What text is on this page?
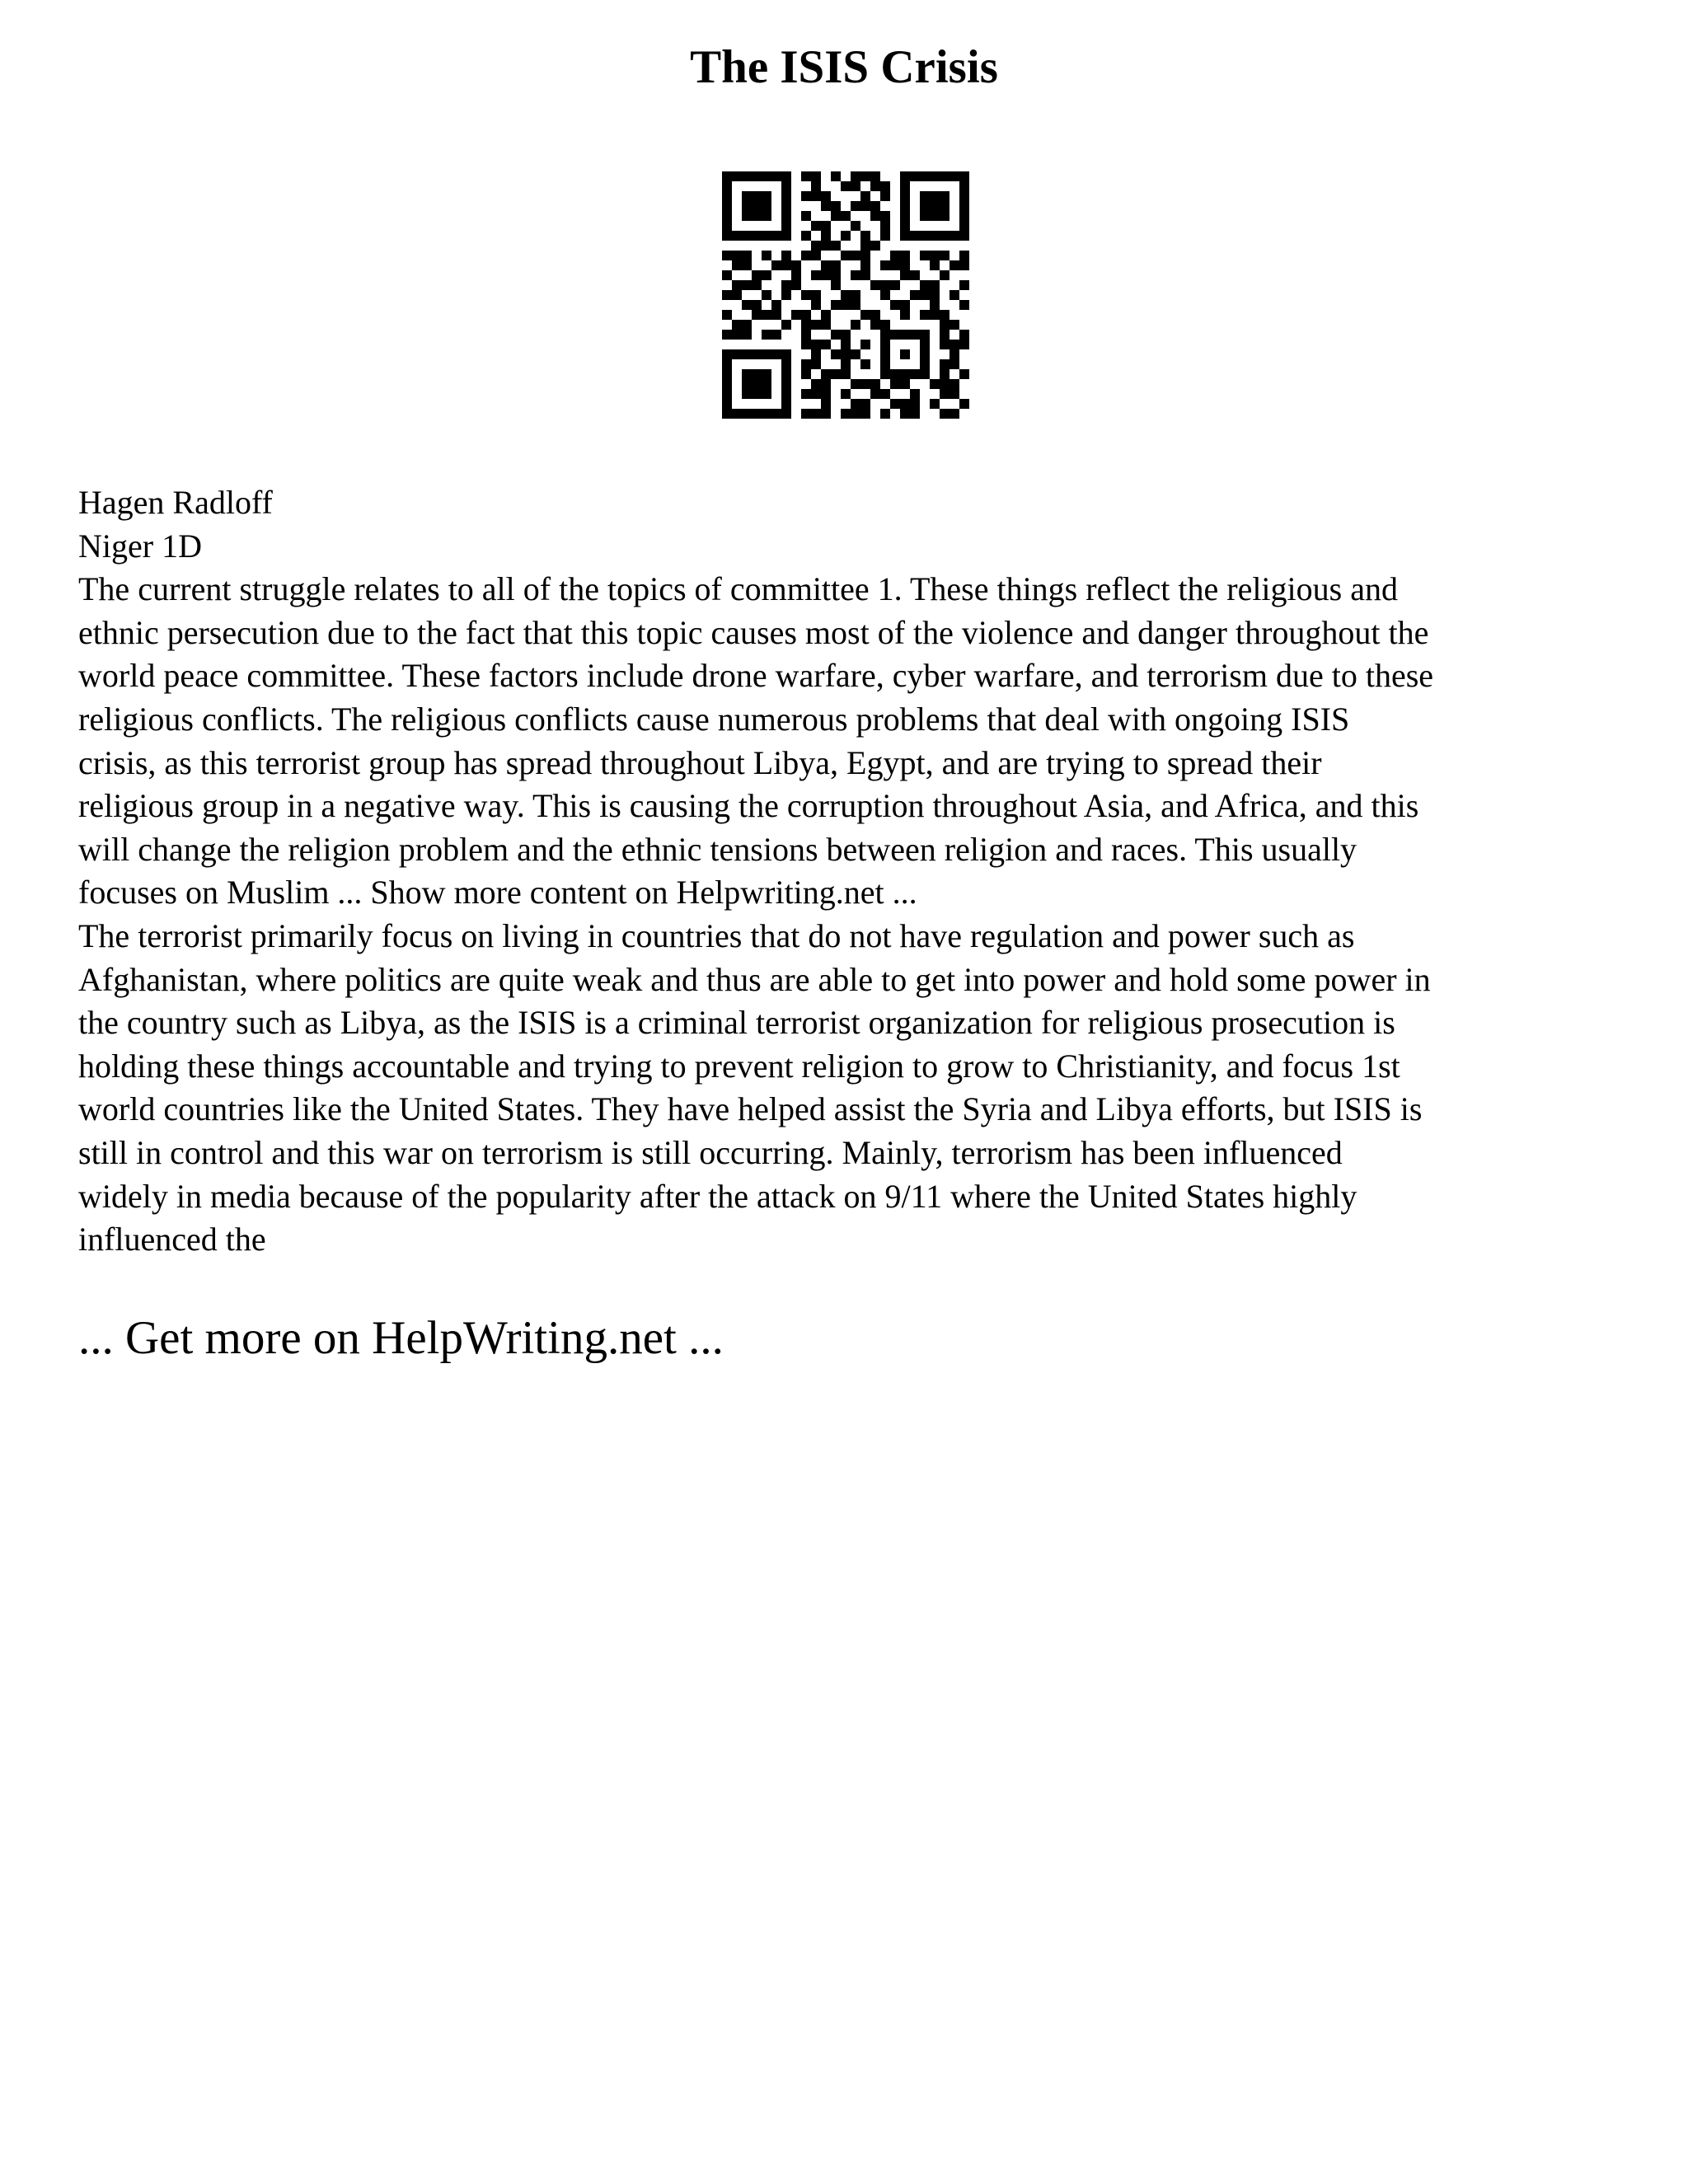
The ISIS Crisis
Hagen Radloff
Niger 1D
The current struggle relates to all of the topics of committee 1. These things reflect the religious and
ethnic persecution due to the fact that this topic causes most of the violence and danger throughout the
world peace committee. These factors include drone warfare, cyber warfare, and terrorism due to these
religious conflicts. The religious conflicts cause numerous problems that deal with ongoing ISIS
crisis, as this terrorist group has spread throughout Libya, Egypt, and are trying to spread their
religious group in a negative way. This is causing the corruption throughout Asia, and Africa, and this
will change the religion problem and the ethnic tensions between religion and races. This usually
focuses on Muslim ... Show more content on Helpwriting.net ...
The terrorist primarily focus on living in countries that do not have regulation and power such as
Afghanistan, where politics are quite weak and thus are able to get into power and hold some power in
the country such as Libya, as the ISIS is a criminal terrorist organization for religious prosecution is
holding these things accountable and trying to prevent religion to grow to Christianity, and focus 1st
world countries like the United States. They have helped assist the Syria and Libya efforts, but ISIS is
still in control and this war on terrorism is still occurring. Mainly, terrorism has been influenced
widely in media because of the popularity after the attack on 9/11 where the United States highly
influenced the
... Get more on HelpWriting.net ...
